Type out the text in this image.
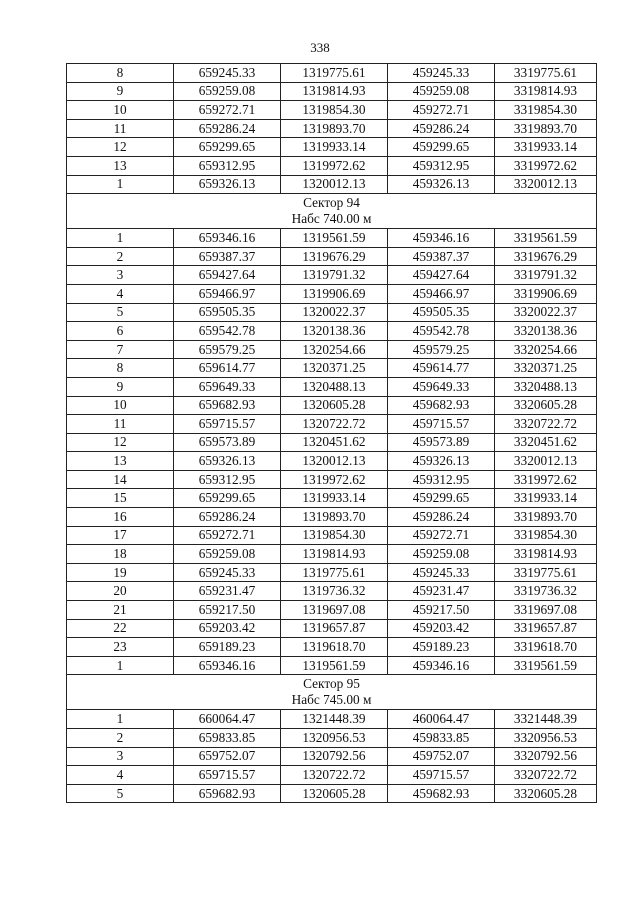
338
8	659245.33	1319775.61	459245.33	3319775.61
9	659259.08	1319814.93	459259.08	3319814.93
10	659272.71	1319854.30	459272.71	3319854.30
11	659286.24	1319893.70	459286.24	3319893.70
12	659299.65	1319933.14	459299.65	3319933.14
13	659312.95	1319972.62	459312.95	3319972.62
1	659326.13	1320012.13	459326.13	3320012.13

Сектор 94
Набс 740.00 м				

1	659346.16	1319561.59	459346.16	3319561.59
2	659387.37	1319676.29	459387.37	3319676.29
3	659427.64	1319791.32	459427.64	3319791.32
4	659466.97	1319906.69	459466.97	3319906.69
5	659505.35	1320022.37	459505.35	3320022.37
6	659542.78	1320138.36	459542.78	3320138.36
7	659579.25	1320254.66	459579.25	3320254.66
8	659614.77	1320371.25	459614.77	3320371.25
9	659649.33	1320488.13	459649.33	3320488.13
10	659682.93	1320605.28	459682.93	3320605.28
11	659715.57	1320722.72	459715.57	3320722.72
12	659573.89	1320451.62	459573.89	3320451.62
13	659326.13	1320012.13	459326.13	3320012.13
14	659312.95	1319972.62	459312.95	3319972.62
15	659299.65	1319933.14	459299.65	3319933.14
16	659286.24	1319893.70	459286.24	3319893.70
17	659272.71	1319854.30	459272.71	3319854.30
18	659259.08	1319814.93	459259.08	3319814.93
19	659245.33	1319775.61	459245.33	3319775.61
20	659231.47	1319736.32	459231.47	3319736.32
21	659217.50	1319697.08	459217.50	3319697.08
22	659203.42	1319657.87	459203.42	3319657.87
23	659189.23	1319618.70	459189.23	3319618.70
1	659346.16	1319561.59	459346.16	3319561.59

Сектор 95
Набс 745.00 м				

1	660064.47	1321448.39	460064.47	3321448.39
2	659833.85	1320956.53	459833.85	3320956.53
3	659752.07	1320792.56	459752.07	3320792.56
4	659715.57	1320722.72	459715.57	3320722.72
5	659682.93	1320605.28	459682.93	3320605.28
